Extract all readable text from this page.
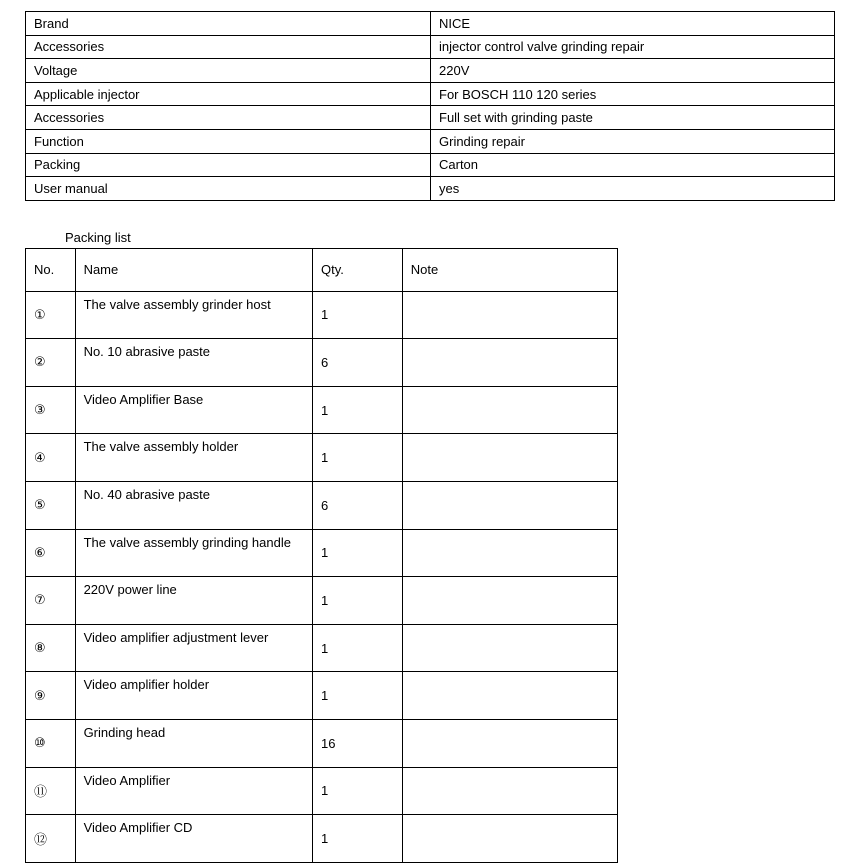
Brand	NICE
Accessories	injector control valve grinding repair
Voltage	220V
Applicable injector	For BOSCH 110 120 series
Accessories	Full set with grinding paste
Function	Grinding repair
Packing	Carton
User manual	yes
Packing list
No.	Name	Qty.	Note
①	The valve assembly grinder host	1	
②	No. 10 abrasive paste	6	
③	Video Amplifier Base	1	
④	The valve assembly holder	1	
⑤	No. 40 abrasive paste	6	
⑥	The valve assembly grinding handle	1	
⑦	220V power line	1	
⑧	Video amplifier adjustment lever	1	
⑨	Video amplifier holder	1	
⑩	Grinding head	16	
⑪	Video Amplifier	1	
⑫	Video Amplifier CD	1	
